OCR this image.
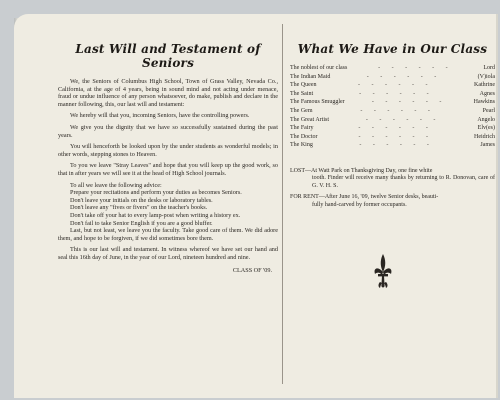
Last Will and Testament of Seniors

We, the Seniors of Columbus High School, Town of Grass Valley, Nevada Co., California, at the age of 4 years, being in sound mind and not acting under menace, fraud or undue influence of any person whatsoever, do make, publish and declare in the manner following, this, our last will and testament:

We hereby will that you, incoming Seniors, have the controlling powers.

We give you the dignity that we have so successfully sustained during the past years.

You will henceforth be looked upon by the under students as wonderful models; in other words, stepping stones to Heaven.

To you we leave "Stray Leaves" and hope that you will keep up the good work, so that in after years we will see it at the head of High School journals.

To all we leave the following advice:

Prepare your recitations and perform your duties as becomes Seniors.

Don't leave your initials on the desks or laboratory tables.

Don't leave any "fives or fivers" on the teacher's books.

Don't take off your hat to every lamp-post when writing a history ex.

Don't fail to take Senior English if you are a good bluffer.

Last, but not least, we leave you the faculty. Take good care of them. We did adore them, and hope to be forgiven, if we did sometimes bore them.

This is our last will and testament. In witness whereof we have set our hand and seal this 16th day of June, in the year of our Lord, nineteen hundred and nine.

CLASS OF '09.
What We Have in Our Class
The noblest of our class	- - - - - -	Lord
The Indian Maid	- - - - - -	(V)iola
The Queen	- - - - - -	Kathrine
The Saint	- - - - - -	Agnes
The Famous Smuggler	- - - - - -	Hawkins
The Gem	- - - - - -	Pearl
The Great Artist	- - - - - -	Angelo
The Fairy	- - - - - -	Elv(es)
The Doctor	- - - - - -	Heidrich
The King	- - - - - -	James
LOST—At Watt Park on Thanksgiving Day, one fine white
tooth. Finder will receive many thanks by returning to R. Donovan, care of G. V. H. S.
FOR RENT—After June 16, '09, twelve Senior desks, beauti-
fully hand-carved by former occupants.
